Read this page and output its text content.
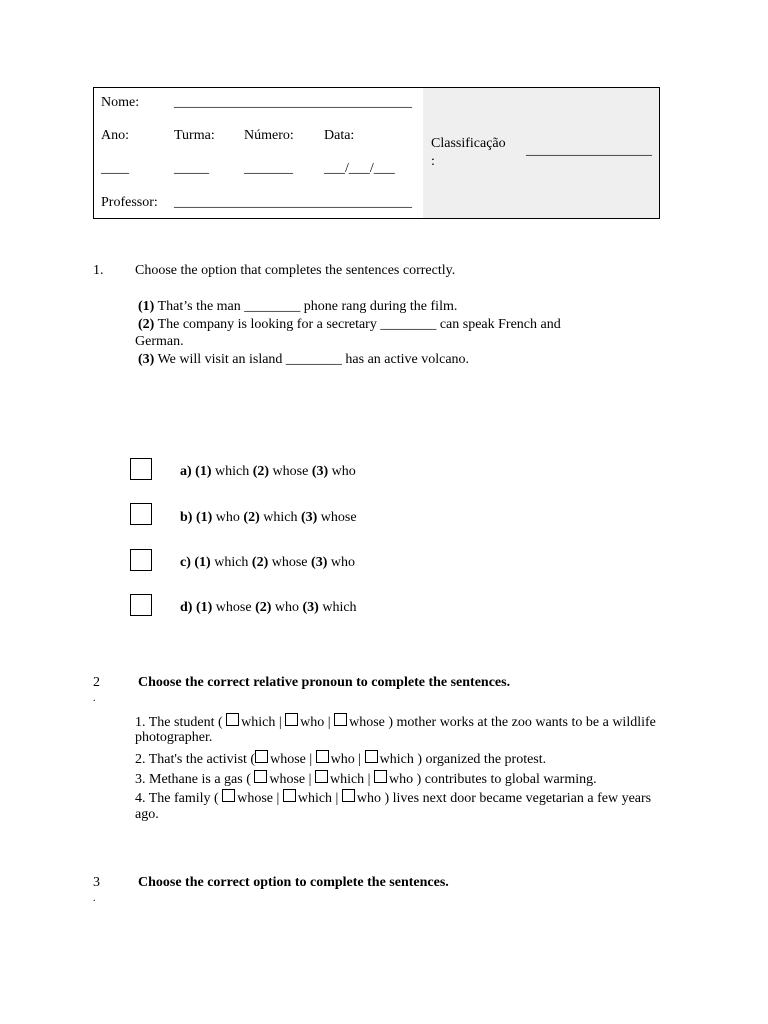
Nome: __________________________________
Ano:	Turma: Número: Data:
____	_____	_______ ___/___/___
Professor: __________________________________
Classificação
:
__________________
1. Choose the option that completes the sentences correctly.
(1) That’s the man ________ phone rang during the film.
(2) The company is looking for a secretary ________ can speak French and
German.
(3) We will visit an island ________ has an active volcano.
a) (1) which (2) whose (3) who
b) (1) who (2) which (3) whose
c) (1) which (2) whose (3) who
d) (1) whose (2) who (3) which
2
.
Choose the correct relative pronoun to complete the sentences.
1. The student ( which | who | whose ) mother works at the zoo wants to be a wildlife
photographer.
2. That's the activist ( whose | who | which ) organized the protest.
3. Methane is a gas ( whose | which | who ) contributes to global warming.
4. The family ( whose | which | who ) lives next door became vegetarian a few years
ago.
3
.
Choose the correct option to complete the sentences.
